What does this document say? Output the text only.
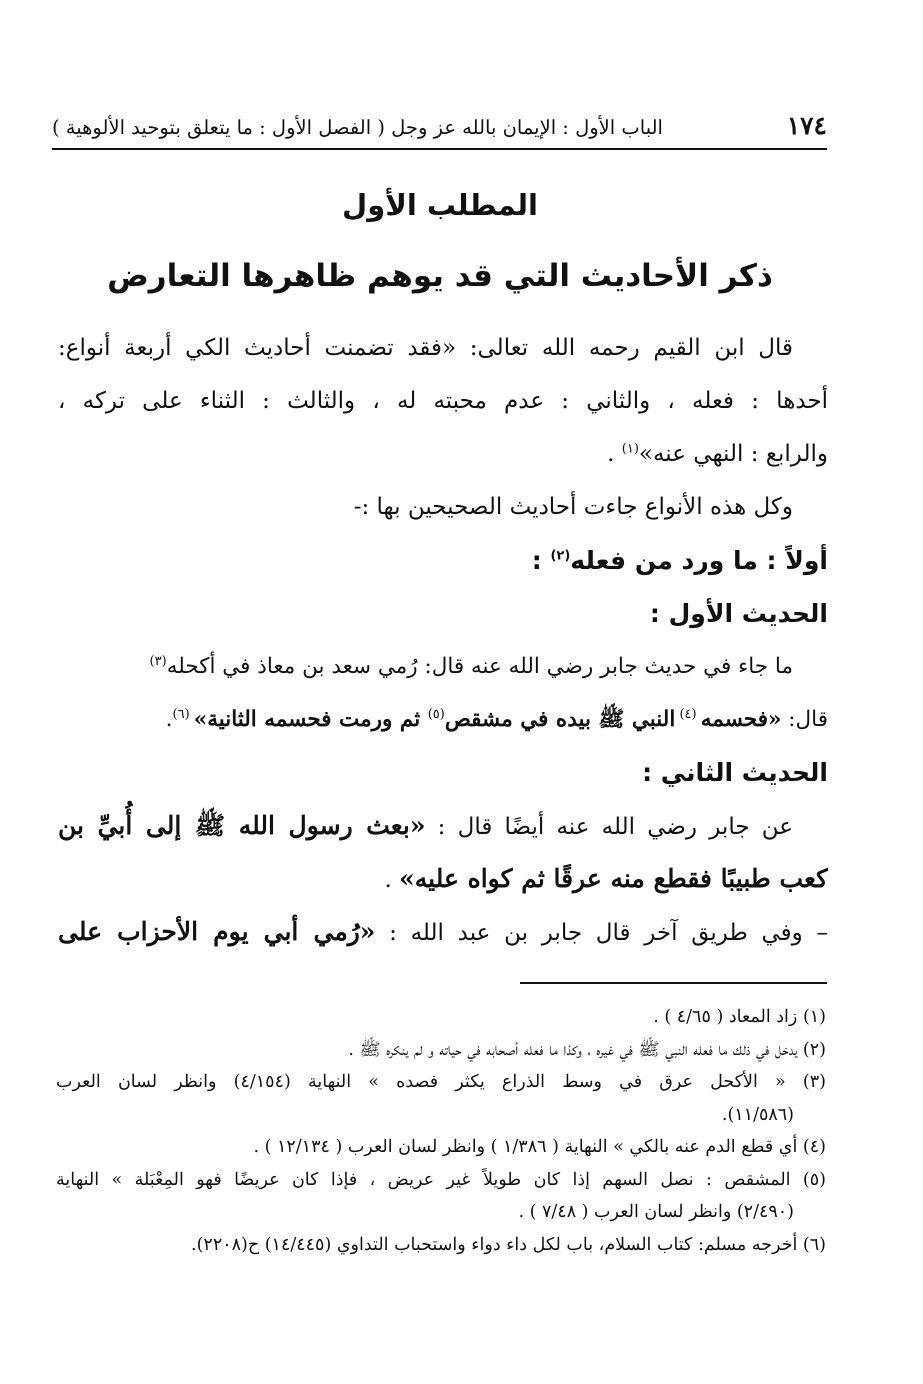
١٧٤
الباب الأول : الإيمان بالله عز وجل ( الفصل الأول : ما يتعلق بتوحيد الألوهية )
المطلب الأول
ذكر الأحاديث التي قد يوهم ظاهرها التعارض
قال ابن القيم رحمه الله تعالى: «فقد تضمنت أحاديث الكي أربعة أنواع:
أحدها : فعله ، والثاني : عدم محبته له ، والثالث : الثناء على تركه ،
والرابع : النهي عنه»$^{(١)}$ .
وكل هذه الأنواع جاءت أحاديث الصحيحين بها :-
أولاً : ما ورد من فعله$^{(٢)}$ :
الحديث الأول :
ما جاء في حديث جابر رضي الله عنه قال: رُمي سعد بن معاذ في أكحله$^{(٣)}$
قال: «فحسمه $^{(٤)}$ النبي ﷺ بيده في مشقص$^{(٥)}$ ثم ورمت فحسمه الثانية» $^{(٦)}$.
الحديث الثاني :
عن جابر رضي الله عنه أيضًا قال : «بعث رسول الله ﷺ إلى أُبيِّ بن
كعب طبيبًا فقطع منه عرقًا ثم كواه عليه» .
– وفي طريق آخر قال جابر بن عبد الله : «رُمي أبي يوم الأحزاب على
(١) زاد المعاد ( ٤/٦٥ ) .
(٢) يدخل في ذلك ما فعله النبي ﷺ في غيره ، وكذا ما فعله أصحابه في حياته و لم ينكره ﷺ .
(٣) « الأكحل عرق في وسط الذراع يكثر فصده » النهاية (٤/١٥٤) وانظر لسان العرب
(١١/٥٨٦).
(٤) أي قطع الدم عنه بالكي » النهاية ( ١/٣٨٦ ) وانظر لسان العرب ( ١٢/١٣٤ ) .
(٥) المشقص : نصل السهم إذا كان طويلاً غير عريض ، فإذا كان عريضًا فهو المِعْبَلة » النهاية
(٢/٤٩٠) وانظر لسان العرب ( ٧/٤٨ ) .
(٦) أخرجه مسلم: كتاب السلام، باب لكل داء دواء واستحباب التداوي (١٤/٤٤٥) ح(٢٢٠٨).
